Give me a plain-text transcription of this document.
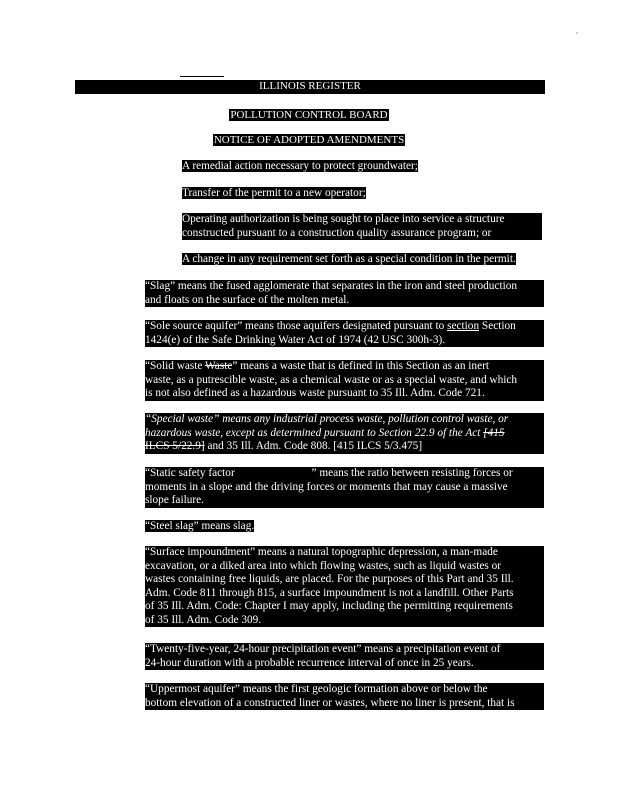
ILLINOIS REGISTER
POLLUTION CONTROL BOARD
NOTICE OF ADOPTED AMENDMENTS
A remedial action necessary to protect groundwater;
Transfer of the permit to a new operator;
Operating authorization is being sought to place into service a structure
constructed pursuant to a construction quality assurance program; or
A change in any requirement set forth as a special condition in the permit.
“Slag” means the fused agglomerate that separates in the iron and steel production
and floats on the surface of the molten metal.
“Sole source aquifer” means those aquifers designated pursuant to section Section
1424(e) of the Safe Drinking Water Act of 1974 (42 USC 300h-3).
“Solid waste Waste” means a waste that is defined in this Section as an inert
waste, as a putrescible waste, as a chemical waste or as a special waste, and which
is not also defined as a hazardous waste pursuant to 35 Ill. Adm. Code 721.
“Special waste” means any industrial process waste, pollution control waste, or
hazardous waste, except as determined pursuant to Section 22.9 of the Act [415
ILCS 5/22.9] and 35 Ill. Adm. Code 808. [415 ILCS 5/3.475]
“Static safety factor	” means the ratio between resisting forces or
moments in a slope and the driving forces or moments that may cause a massive
slope failure.
“Steel slag” means slag.
“Surface impoundment” means a natural topographic depression, a man-made
excavation, or a diked area into which flowing wastes, such as liquid wastes or
wastes containing free liquids, are placed. For the purposes of this Part and 35 Ill.
Adm. Code 811 through 815, a surface impoundment is not a landfill. Other Parts
of 35 Ill. Adm. Code: Chapter I may apply, including the permitting requirements
of 35 Ill. Adm. Code 309.
“Twenty-five-year, 24-hour precipitation event” means a precipitation event of
24-hour duration with a probable recurrence interval of once in 25 years.
“Uppermost aquifer” means the first geologic formation above or below the
bottom elevation of a constructed liner or wastes, where no liner is present, that is
